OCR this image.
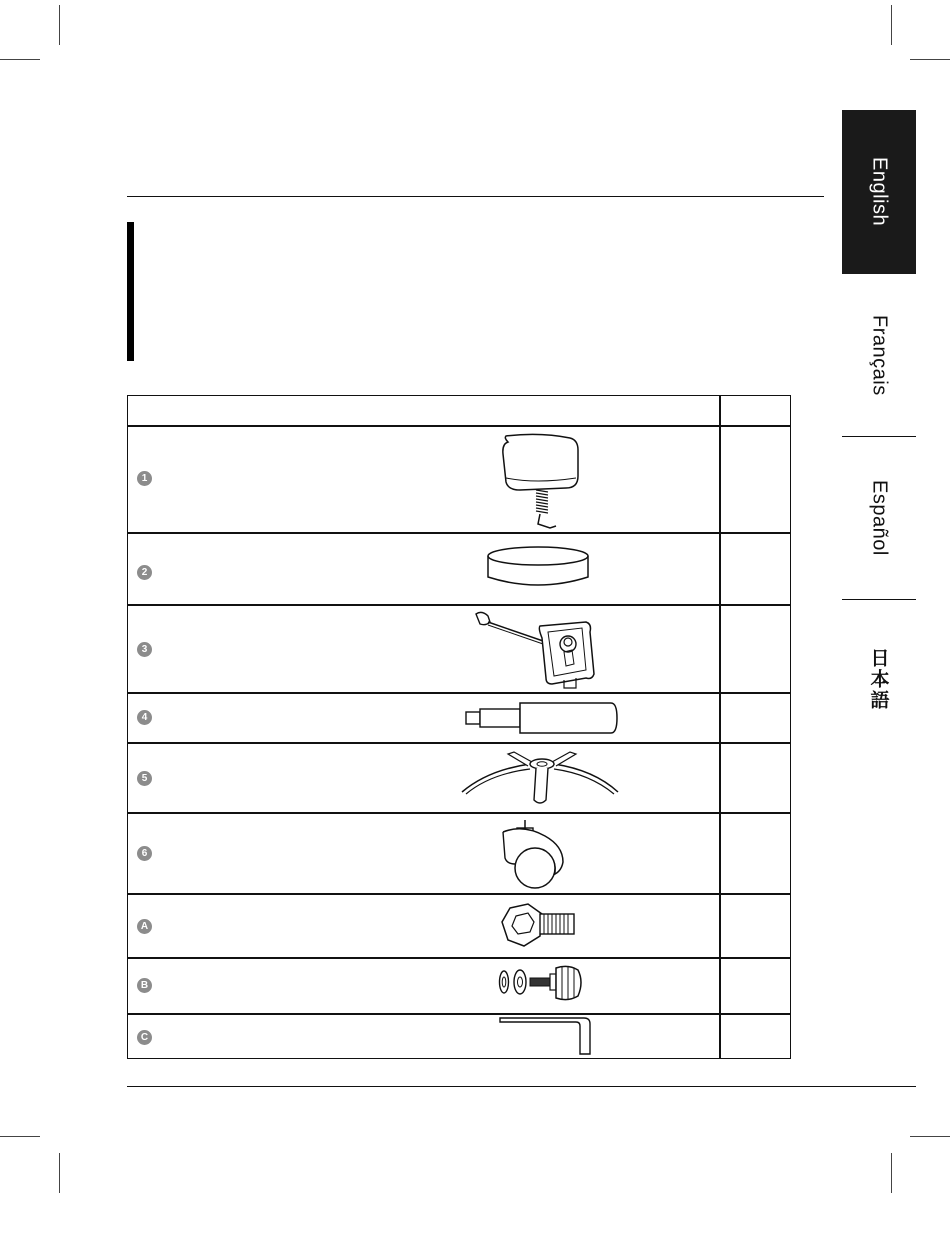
English
Français
Español
日本語
1
2
3
4
5
6
A
B
C
